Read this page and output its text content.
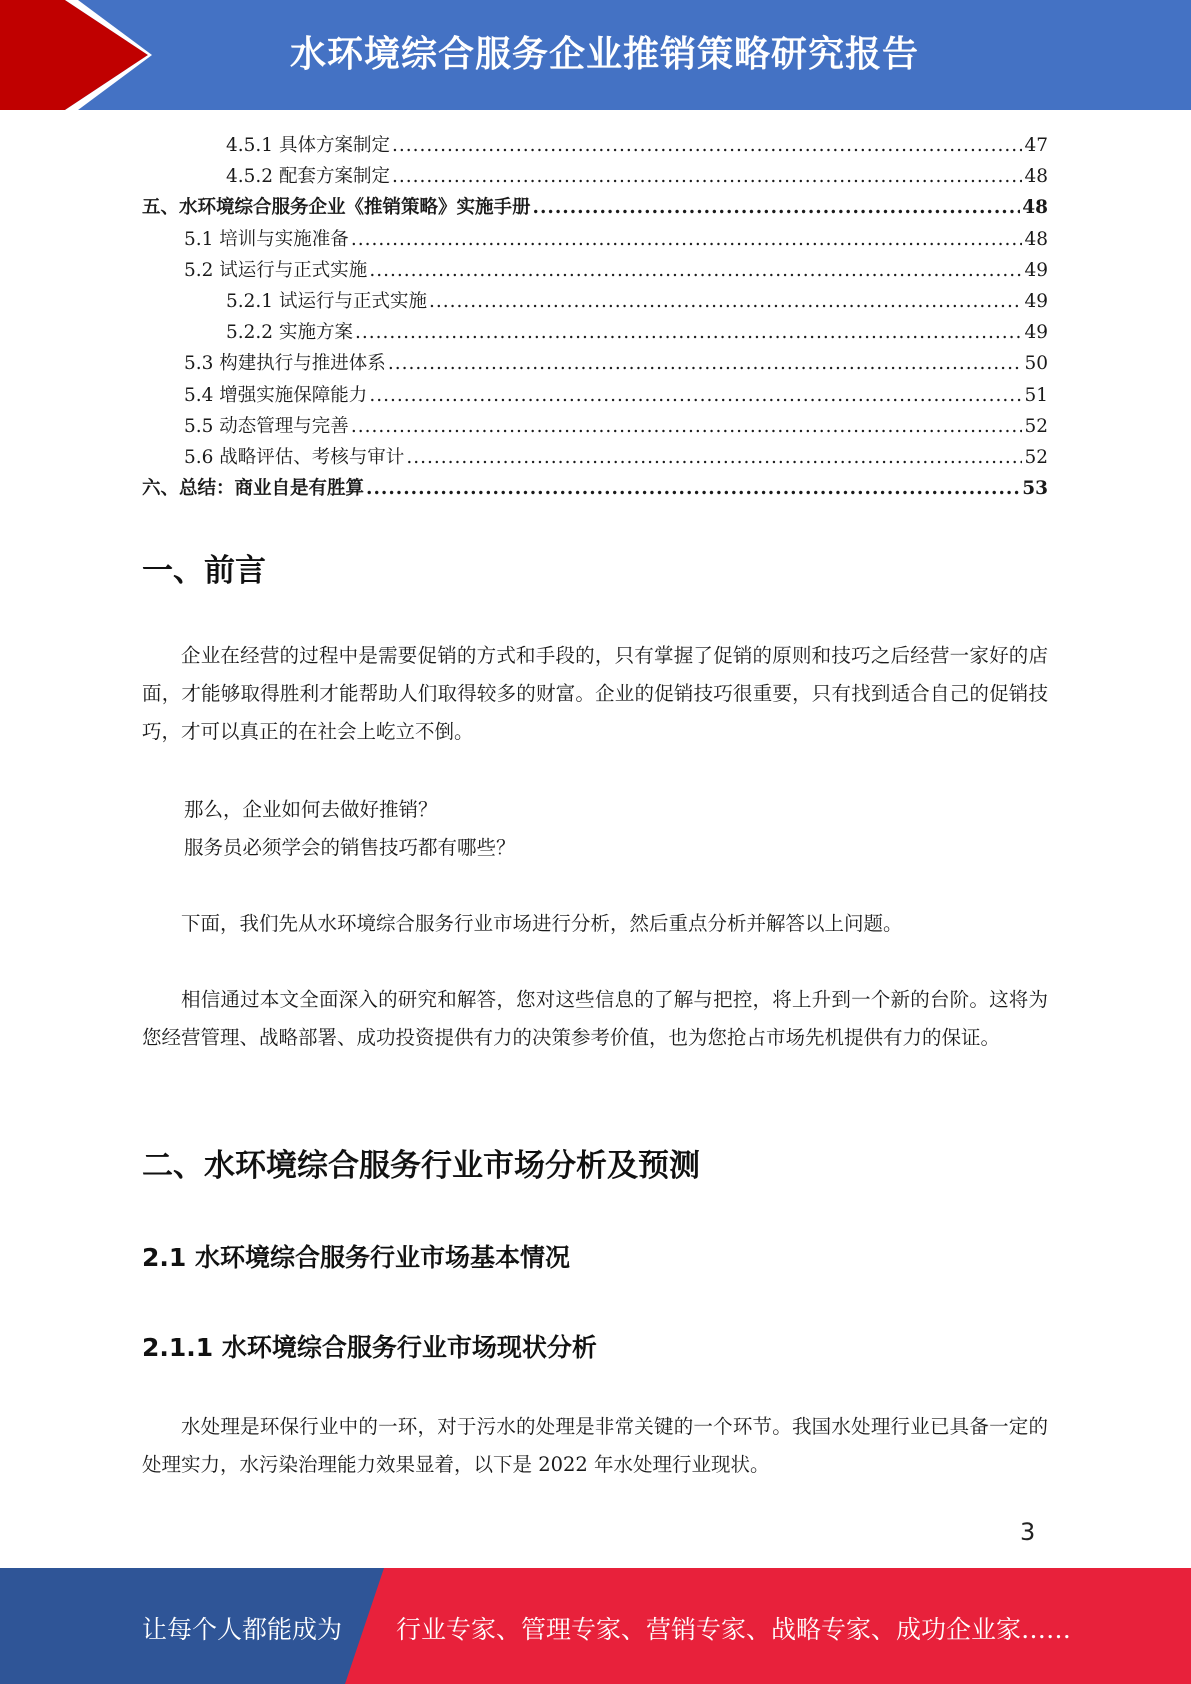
水环境综合服务企业推销策略研究报告
4.5.1 具体方案制定 .....	47
4.5.2 配套方案制定 .....	48
五、水环境综合服务企业《推销策略》实施手册 .....	48
5.1 培训与实施准备 .....	48
5.2 试运行与正式实施 .....	49
5.2.1 试运行与正式实施 .....	49
5.2.2 实施方案 .....	49
5.3 构建执行与推进体系 .....	50
5.4 增强实施保障能力 .....	51
5.5 动态管理与完善 .....	52
5.6 战略评估、考核与审计 .....	52
六、总结：商业自是有胜算 .....	53
一、前言
企业在经营的过程中是需要促销的方式和手段的，只有掌握了促销的原则和技巧之后经营一家好的店面，才能够取得胜利才能帮助人们取得较多的财富。企业的促销技巧很重要，只有找到适合自己的促销技巧，才可以真正的在社会上屹立不倒。
那么，企业如何去做好推销？
服务员必须学会的销售技巧都有哪些？
下面，我们先从水环境综合服务行业市场进行分析，然后重点分析并解答以上问题。
相信通过本文全面深入的研究和解答，您对这些信息的了解与把控，将上升到一个新的台阶。这将为您经营管理、战略部署、成功投资提供有力的决策参考价值，也为您抢占市场先机提供有力的保证。
二、水环境综合服务行业市场分析及预测
2.1 水环境综合服务行业市场基本情况
2.1.1 水环境综合服务行业市场现状分析
水处理是环保行业中的一环，对于污水的处理是非常关键的一个环节。我国水处理行业已具备一定的处理实力，水污染治理能力效果显着，以下是 2022 年水处理行业现状。
3
让每个人都能成为 行业专家、管理专家、营销专家、战略专家、成功企业家……
